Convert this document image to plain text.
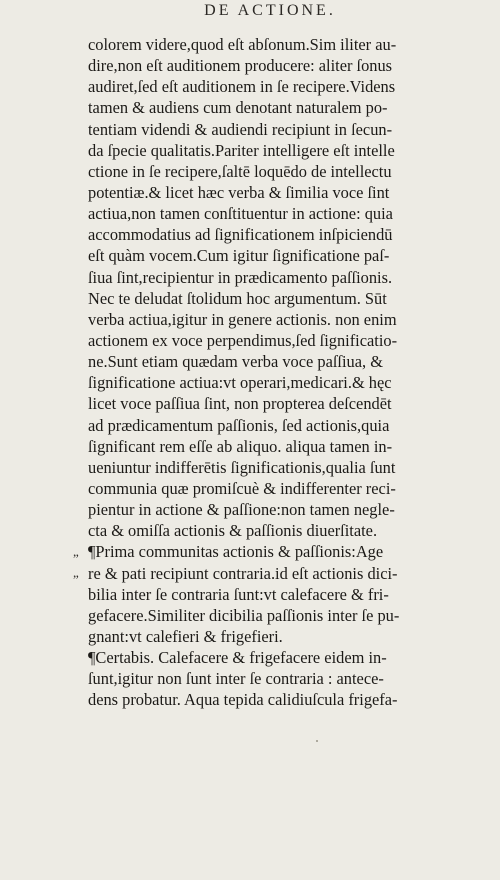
DE ACTIONE.
„
„
colorem videre,quod eſt abſonum.Sim iliter au‑
dire,non eſt auditionem producere: aliter ſonus
audiret,ſed eſt auditionem in ſe recipere.Videns
tamen & audiens cum denotant naturalem po‑
tentiam videndi & audiendi recipiunt in ſecun‑
da ſpecie qualitatis.Pariter intelligere eſt intelle
ctione in ſe recipere,ſaltē loquēdo de intellectu
potentiæ.& licet hæc verba & ſimilia voce ſint
actiua,non tamen conſtituentur in actione: quia
accommodatius ad ſignificationem inſpiciendū
eſt quàm vocem.Cum igitur ſignificatione paſ‑
ſiua ſint,recipientur in prædicamento paſſionis.
Nec te deludat ſtolidum hoc argumentum. Sūt
verba actiua,igitur in genere actionis. non enim
actionem ex voce perpendimus,ſed ſignificatio‑
ne.Sunt etiam quædam verba voce paſſiua, &
ſignificatione actiua:vt operari,medicari.& hęc
licet voce paſſiua ſint, non propterea deſcendēt
ad prædicamentum paſſionis, ſed actionis,quia
ſignificant rem eſſe ab aliquo. aliqua tamen in‑
ueniuntur indifferētis ſignificationis,qualia ſunt
communia quæ promiſcuè & indifferenter reci‑
pientur in actione & paſſione:non tamen negle‑
cta & omiſſa actionis & paſſionis diuerſitate.
¶Prima communitas actionis & paſſionis:Age
re & pati recipiunt contraria.id eſt actionis dici‑
bilia inter ſe contraria ſunt:vt calefacere & fri‑
gefacere.Similiter dicibilia paſſionis inter ſe pu‑
gnant:vt calefieri & frigefieri.
¶Certabis. Calefacere & frigefacere eidem in‑
ſunt,igitur non ſunt inter ſe contraria : antece‑
dens probatur. Aqua tepida calidiuſcula frigefa‑
